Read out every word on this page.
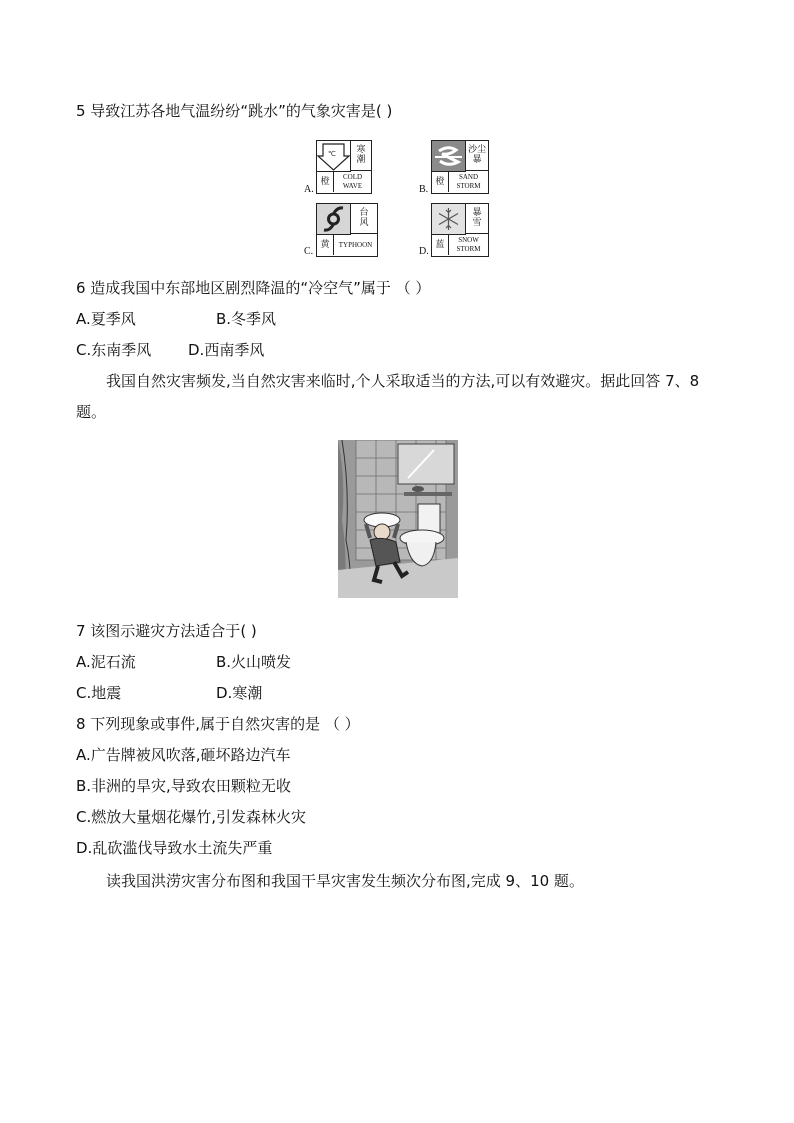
5 导致江苏各地气温纷纷“跳水”的气象灾害是( )
A.
℃	寒
潮
橙	COLD
WAVE	B.
沙尘
暴
橙	SAND
STORM
C.
台
风
黄	TYPHOON
D.
暴
雪
蓝	SNOW
STORM
6 造成我国中东部地区剧烈降温的“冷空气”属于 （ ）
A.夏季风	B.冬季风
C.东南季风 D.西南季风
我国自然灾害频发,当自然灾害来临时,个人采取适当的方法,可以有效避灾。据此回答 7、8
题。
7 该图示避灾方法适合于( )
A.泥石流	B.火山喷发
C.地震	D.寒潮
8 下列现象或事件,属于自然灾害的是 （ ）
A.广告牌被风吹落,砸坏路边汽车
B.非洲的旱灾,导致农田颗粒无收
C.燃放大量烟花爆竹,引发森林火灾
D.乱砍滥伐导致水土流失严重
读我国洪涝灾害分布图和我国干旱灾害发生频次分布图,完成 9、10 题。
